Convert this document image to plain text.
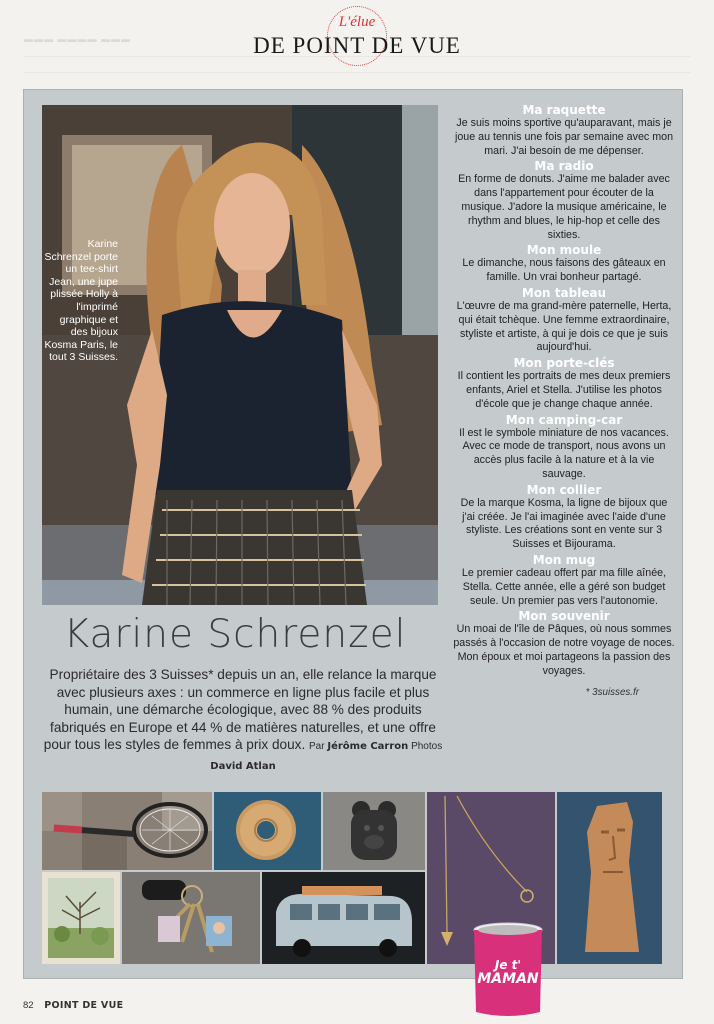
▬▬▬ ▬▬▬▬ ▬▬▬
L'élue
DE POINT DE VUE
Karine Schrenzel porte un tee-shirt Jean, une jupe plissée Holly à l'imprimé graphique et des bijoux Kosma Paris, le tout 3 Suisses.
Karine Schrenzel
Propriétaire des 3 Suisses* depuis un an, elle relance la marque avec plusieurs axes : un commerce en ligne plus facile et plus humain, une démarche écologique, avec 88 % des produits fabriqués en Europe et 44 % de matières naturelles, et une offre pour tous les styles de femmes à prix doux. Par Jérôme Carron Photos David Atlan
Ma raquette
Je suis moins sportive qu'auparavant, mais je joue au tennis une fois par semaine avec mon mari. J'ai besoin de me dépenser.
Ma radio
En forme de donuts. J'aime me balader avec dans l'appartement pour écouter de la musique. J'adore la musique américaine, le rhythm and blues, le hip-hop et celle des sixties.
Mon moule
Le dimanche, nous faisons des gâteaux en famille. Un vrai bonheur partagé.
Mon tableau
L'œuvre de ma grand-mère paternelle, Herta, qui était tchèque. Une femme extraordinaire, styliste et artiste, à qui je dois ce que je suis aujourd'hui.
Mon porte-clés
Il contient les portraits de mes deux premiers enfants, Ariel et Stella. J'utilise les photos d'école que je change chaque année.
Mon camping-car
Il est le symbole miniature de nos vacances. Avec ce mode de transport, nous avons un accès plus facile à la nature et à la vie sauvage.
Mon collier
De la marque Kosma, la ligne de bijoux que j'ai créée. Je l'ai imaginée avec l'aide d'une styliste. Les créations sont en vente sur 3 Suisses et Bijourama.
Mon mug
Le premier cadeau offert par ma fille aînée, Stella. Cette année, elle a géré son budget seule. Un premier pas vers l'autonomie.
Mon souvenir
Un moai de l'île de Pâques, où nous sommes passés à l'occasion de notre voyage de noces. Mon époux et moi partageons la passion des voyages.
* 3suisses.fr
Je t'
MAMAN
82 POINT DE VUE
